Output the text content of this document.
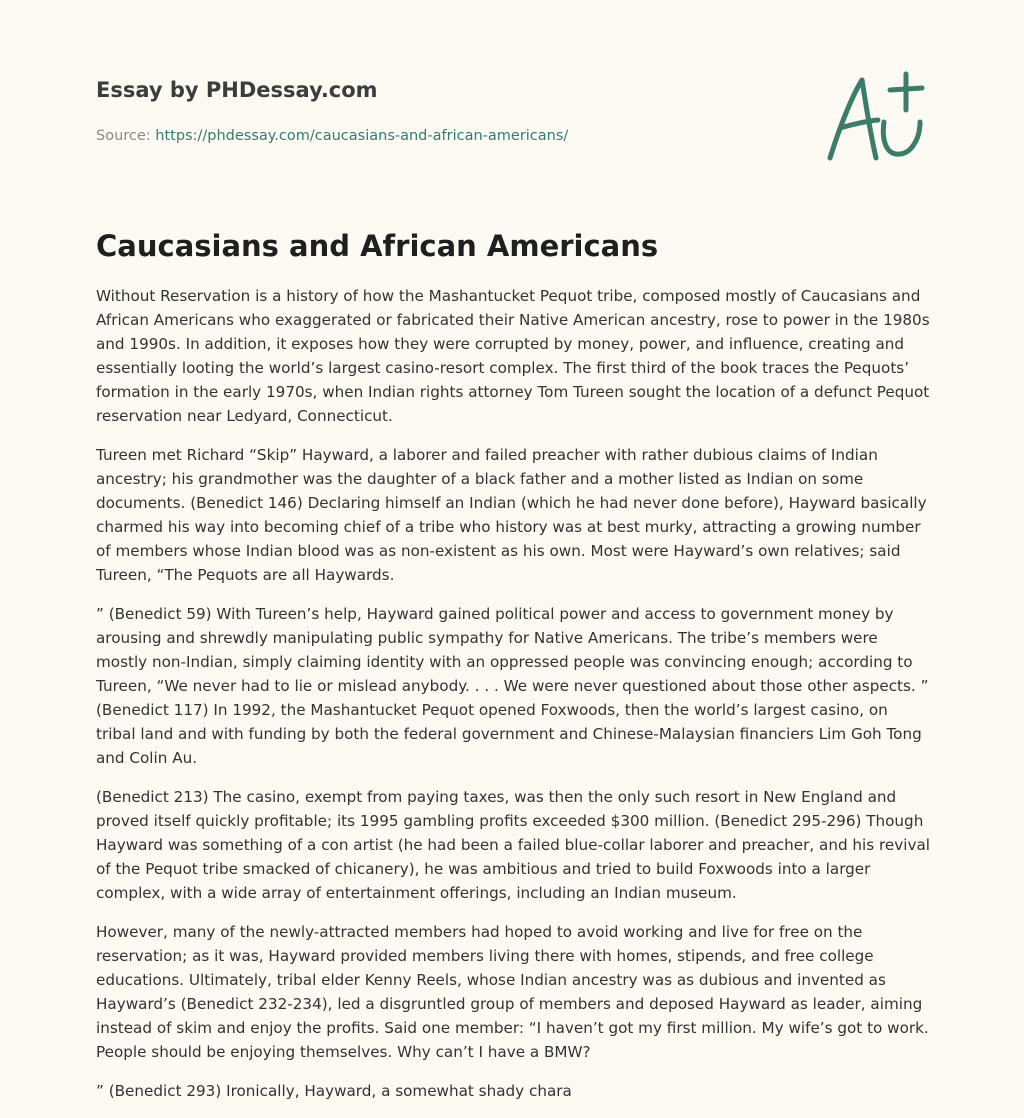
Essay by PHDessay.com
Source: https://phdessay.com/caucasians-and-african-americans/
Caucasians and African Americans

Without Reservation is a history of how the Mashantucket Pequot tribe, composed mostly of Caucasians and African Americans who exaggerated or fabricated their Native American ancestry, rose to power in the 1980s and 1990s. In addition, it exposes how they were corrupted by money, power, and influence, creating and essentially looting the world’s largest casino-resort complex. The first third of the book traces the Pequots’ formation in the early 1970s, when Indian rights attorney Tom Tureen sought the location of a defunct Pequot reservation near Ledyard, Connecticut.

Tureen met Richard “Skip” Hayward, a laborer and failed preacher with rather dubious claims of Indian ancestry; his grandmother was the daughter of a black father and a mother listed as Indian on some documents. (Benedict 146) Declaring himself an Indian (which he had never done before), Hayward basically charmed his way into becoming chief of a tribe who history was at best murky, attracting a growing number of members whose Indian blood was as non-existent as his own. Most were Hayward’s own relatives; said Tureen, “The Pequots are all Haywards.

” (Benedict 59) With Tureen’s help, Hayward gained political power and access to government money by arousing and shrewdly manipulating public sympathy for Native Americans. The tribe’s members were mostly non-Indian, simply claiming identity with an oppressed people was convincing enough; according to Tureen, “We never had to lie or mislead anybody. . . . We were never questioned about those other aspects. ” (Benedict 117) In 1992, the Mashantucket Pequot opened Foxwoods, then the world’s largest casino, on tribal land and with funding by both the federal government and Chinese-Malaysian financiers Lim Goh Tong and Colin Au.

(Benedict 213) The casino, exempt from paying taxes, was then the only such resort in New England and proved itself quickly profitable; its 1995 gambling profits exceeded $300 million. (Benedict 295-296) Though Hayward was something of a con artist (he had been a failed blue-collar laborer and preacher, and his revival of the Pequot tribe smacked of chicanery), he was ambitious and tried to build Foxwoods into a larger complex, with a wide array of entertainment offerings, including an Indian museum.

However, many of the newly-attracted members had hoped to avoid working and live for free on the reservation; as it was, Hayward provided members living there with homes, stipends, and free college educations. Ultimately, tribal elder Kenny Reels, whose Indian ancestry was as dubious and invented as Hayward’s (Benedict 232-234), led a disgruntled group of members and deposed Hayward as leader, aiming instead of skim and enjoy the profits. Said one member: “I haven’t got my first million. My wife’s got to work. People should be enjoying themselves. Why can’t I have a BMW?

” (Benedict 293) Ironically, Hayward, a somewhat shady chara
